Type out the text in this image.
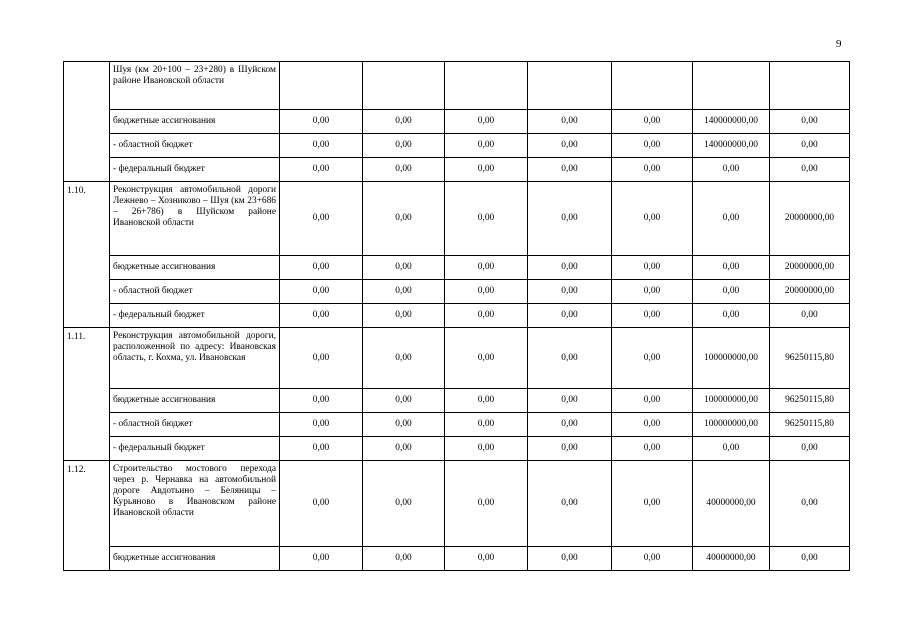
9
	Шуя (км 20+100 – 23+280) в Шуйском районе Ивановской области							
	бюджетные ассигнования	0,00	0,00	0,00	0,00	0,00	140000000,00	0,00
	- областной бюджет	0,00	0,00	0,00	0,00	0,00	140000000,00	0,00
	- федеральный бюджет	0,00	0,00	0,00	0,00	0,00	0,00	0,00
1.10.	Реконструкция автомобильной дороги Лежнево – Хозниково – Шуя (км 23+686 – 26+786) в Шуйском районе Ивановской области	0,00	0,00	0,00	0,00	0,00	0,00	20000000,00
	бюджетные ассигнования	0,00	0,00	0,00	0,00	0,00	0,00	20000000,00
	- областной бюджет	0,00	0,00	0,00	0,00	0,00	0,00	20000000,00
	- федеральный бюджет	0,00	0,00	0,00	0,00	0,00	0,00	0,00
1.11.	Реконструкция автомобильной дороги, расположенной по адресу: Ивановская область, г. Кохма, ул. Ивановская	0,00	0,00	0,00	0,00	0,00	100000000,00	96250115,80
	бюджетные ассигнования	0,00	0,00	0,00	0,00	0,00	100000000,00	96250115,80
	- областной бюджет	0,00	0,00	0,00	0,00	0,00	100000000,00	96250115,80
	- федеральный бюджет	0,00	0,00	0,00	0,00	0,00	0,00	0,00
1.12.	Строительство мостового перехода через р. Чернавка на автомобильной дороге Авдотьино – Беляницы –Курьяново в Ивановском районе Ивановской области	0,00	0,00	0,00	0,00	0,00	40000000,00	0,00
	бюджетные ассигнования	0,00	0,00	0,00	0,00	0,00	40000000,00	0,00
